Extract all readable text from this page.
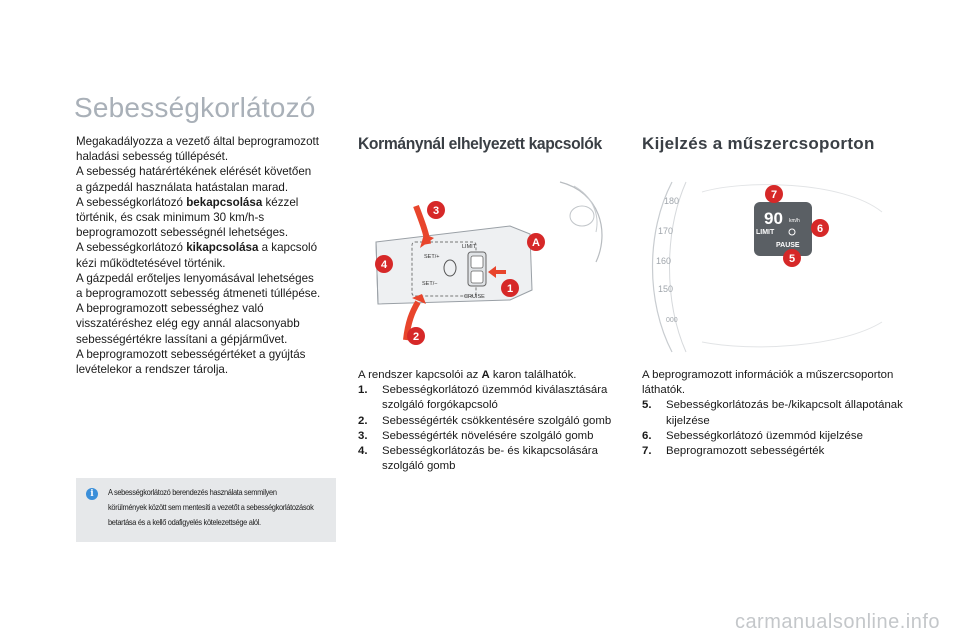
Sebességkorlátozó

Megakadályozza a vezető által beprogramozott

haladási sebesség túllépését.

A sebesség határértékének elérését követően

a gázpedál használata hatástalan marad.

A sebességkorlátozó bekapcsolása kézzel

történik, és csak minimum 30 km/h-s

beprogramozott sebességnél lehetséges.

A sebességkorlátozó kikapcsolása a kapcsoló

kézi működtetésével történik.

A gázpedál erőteljes lenyomásával lehetséges

a beprogramozott sebesség átmeneti túllépése.

A beprogramozott sebességhez való

visszatéréshez elég egy annál alacsonyabb

sebességértékre lassítani a gépjárművet.

A beprogramozott sebességértéket a gyújtás

levételekor a rendszer tárolja.

i	A sebességkorlátozó berendezés használata semmilyen
körülmények között sem mentesíti a vezetőt a sebességkorlátozások
betartása és a kellő odafigyelés kötelezettsége alól.
Kormánynál elhelyezett kapcsolók Kijelzés a műszercsoporton
SET/+
SET/−
LIMIT
CRUISE
3
A
4
1
2
180
170
160
150
000
90 km/h
LIMIT
PAUSE
7
6
5

A rendszer kapcsolói az A karon találhatók.

1.	Sebességkorlátozó üzemmód kiválasztására szolgáló forgókapcsoló
2.	Sebességérték csökkentésére szolgáló gomb
3.	Sebességérték növelésére szolgáló gomb
4.	Sebességkorlátozás be- és kikapcsolására szolgáló gomb

A beprogramozott információk a műszercsoporton láthatók.

5.	Sebességkorlátozás be-/kikapcsolt állapotának kijelzése
6.	Sebességkorlátozó üzemmód kijelzése
7.	Beprogramozott sebességérték
carmanualsonline.info
